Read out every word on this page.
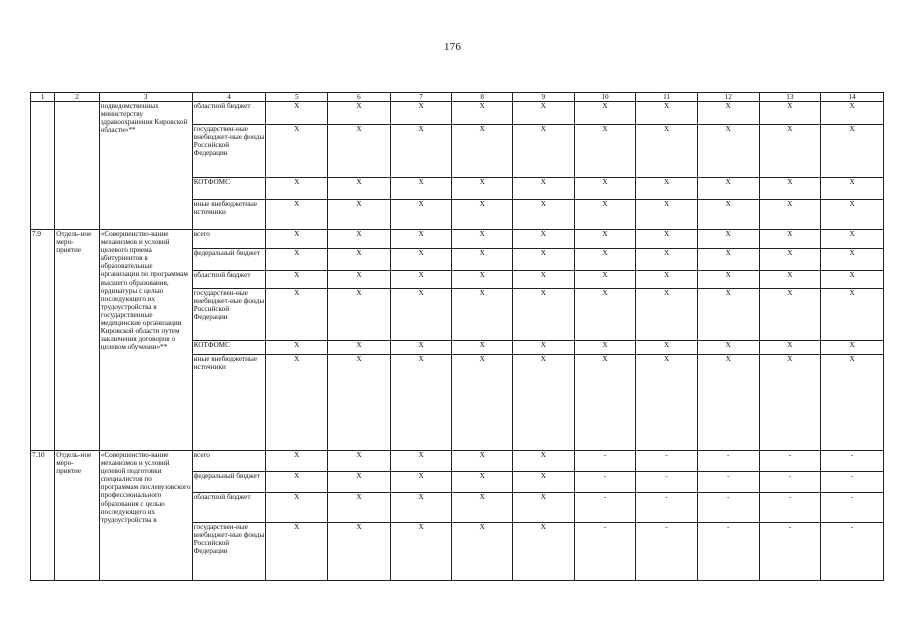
176
1	2	3	4	5	6	7	8	9	10	11	12	13	14
		подведомственных министерству здравоохранения Кировской области»**	областной бюджет	X	X	X	X	X	X	X	X	X	X
			государствен-ные внебюджет-ные фонды Российской Федерации	X	X	X	X	X	X	X	X	X	X
			КОТФОМС	X	X	X	X	X	X	X	X	X	X
			иные внебюджетные источники	X	X	X	X	X	X	X	X	X	X
7.9	Отдель-ное меро-приятие	«Совершенство-вание механизмов и условий целевого приема абитуриентов в образовательные организации по программам высшего образования, ординатуры с целью последующего их трудоустройства в государственные медицинские организации Кировской области путем заключения договоров о целевом обучении»**	всего	X	X	X	X	X	X	X	X	X	X
			федеральный бюджет	X	X	X	X	X	X	X	X	X	X
			областной бюджет	X	X	X	X	X	X	X	X	X	X
			государствен-ные внебюджет-ные фонды Российской Федерации	X	X	X	X	X	X	X	X	X	X
			КОТФОМС	X	X	X	X	X	X	X	X	X	X
			иные внебюджетные источники	X	X	X	X	X	X	X	X	X	X
7.10	Отдель-ное меро-приятие	«Совершенство-вание механизмов и условий целевой подготовки специалистов по программам послевузовского профессионального образования с целью последующего их трудоустройства в	всего	X	X	X	X	X	-	-	-	-	-
			федеральный бюджет	X	X	X	X	X	-	-	-	-	-
			областной бюджет	X	X	X	X	X	-	-	-	-	-
			государствен-ные внебюджет-ные фонды Российской Федерации	X	X	X	X	X	-	-	-	-	-
